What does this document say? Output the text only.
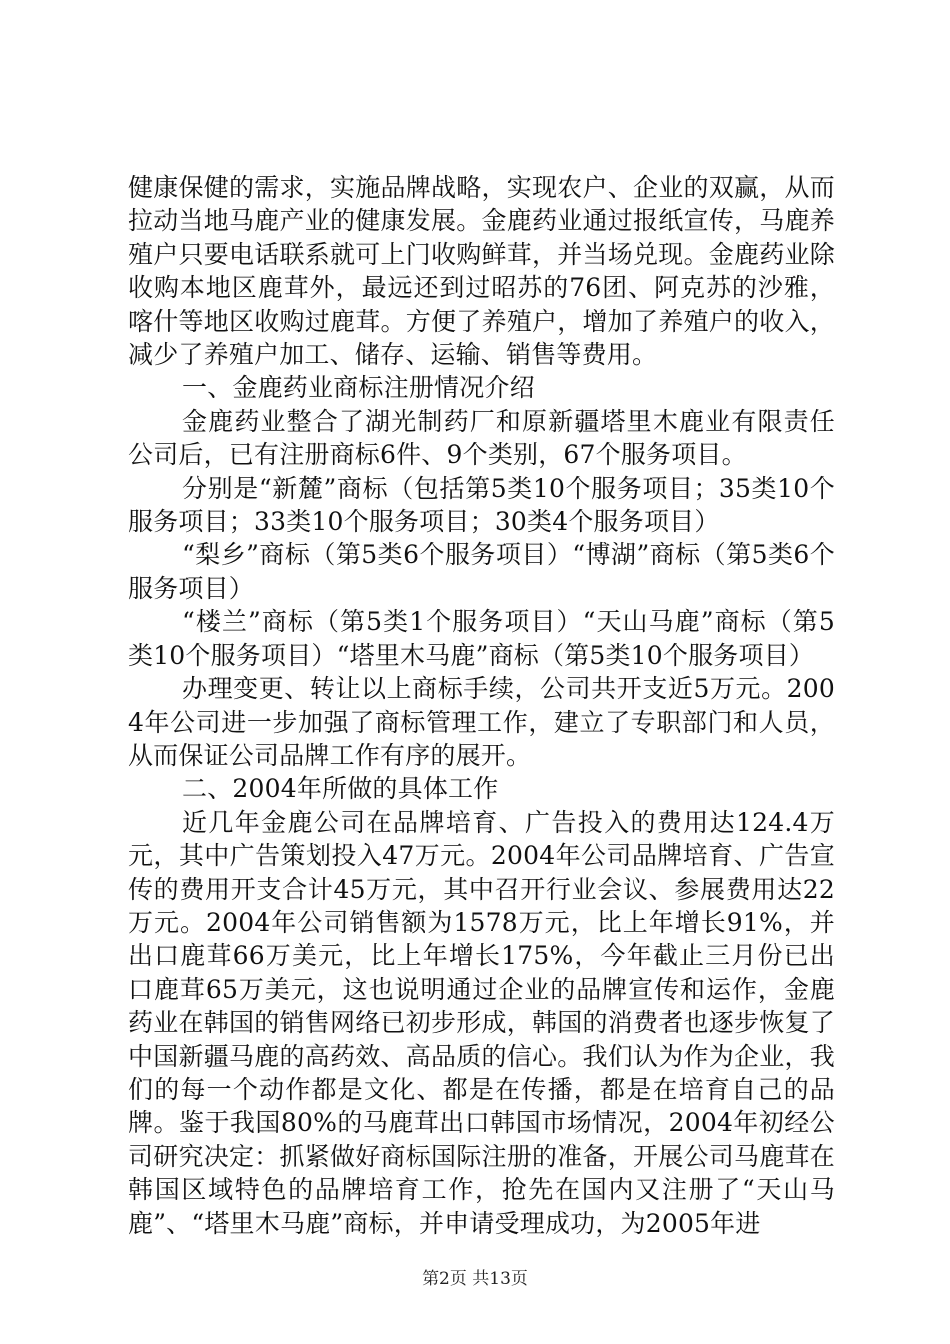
健康保健的需求，实施品牌战略，实现农户、企业的双赢，从而拉动当地马鹿产业的健康发展。金鹿药业通过报纸宣传，马鹿养殖户只要电话联系就可上门收购鲜茸，并当场兑现。金鹿药业除收购本地区鹿茸外，最远还到过昭苏的76团、阿克苏的沙雅，喀什等地区收购过鹿茸。方便了养殖户，增加了养殖户的收入，减少了养殖户加工、储存、运输、销售等费用。

一、金鹿药业商标注册情况介绍

金鹿药业整合了湖光制药厂和原新疆塔里木鹿业有限责任公司后，已有注册商标6件、9个类别，67个服务项目。

分别是“新麓”商标（包括第5类10个服务项目；35类10个服务项目；33类10个服务项目；30类4个服务项目）

“梨乡”商标（第5类6个服务项目）“博湖”商标（第5类6个服务项目）

“楼兰”商标（第5类1个服务项目）“天山马鹿”商标（第5类10个服务项目）“塔里木马鹿”商标（第5类10个服务项目）

办理变更、转让以上商标手续，公司共开支近5万元。2004年公司进一步加强了商标管理工作，建立了专职部门和人员，从而保证公司品牌工作有序的展开。

二、2004年所做的具体工作

近几年金鹿公司在品牌培育、广告投入的费用达124.4万元，其中广告策划投入47万元。2004年公司品牌培育、广告宣传的费用开支合计45万元，其中召开行业会议、参展费用达22万元。2004年公司销售额为1578万元，比上年增长91%，并出口鹿茸66万美元，比上年增长175%，今年截止三月份已出口鹿茸65万美元，这也说明通过企业的品牌宣传和运作，金鹿药业在韩国的销售网络已初步形成，韩国的消费者也逐步恢复了中国新疆马鹿的高药效、高品质的信心。我们认为作为企业，我们的每一个动作都是文化、都是在传播，都是在培育自己的品牌。鉴于我国80%的马鹿茸出口韩国市场情况，2004年初经公司研究决定：抓紧做好商标国际注册的准备，开展公司马鹿茸在韩国区域特色的品牌培育工作，抢先在国内又注册了“天山马鹿”、“塔里木马鹿”商标，并申请受理成功，为2005年进

第2页 共13页
